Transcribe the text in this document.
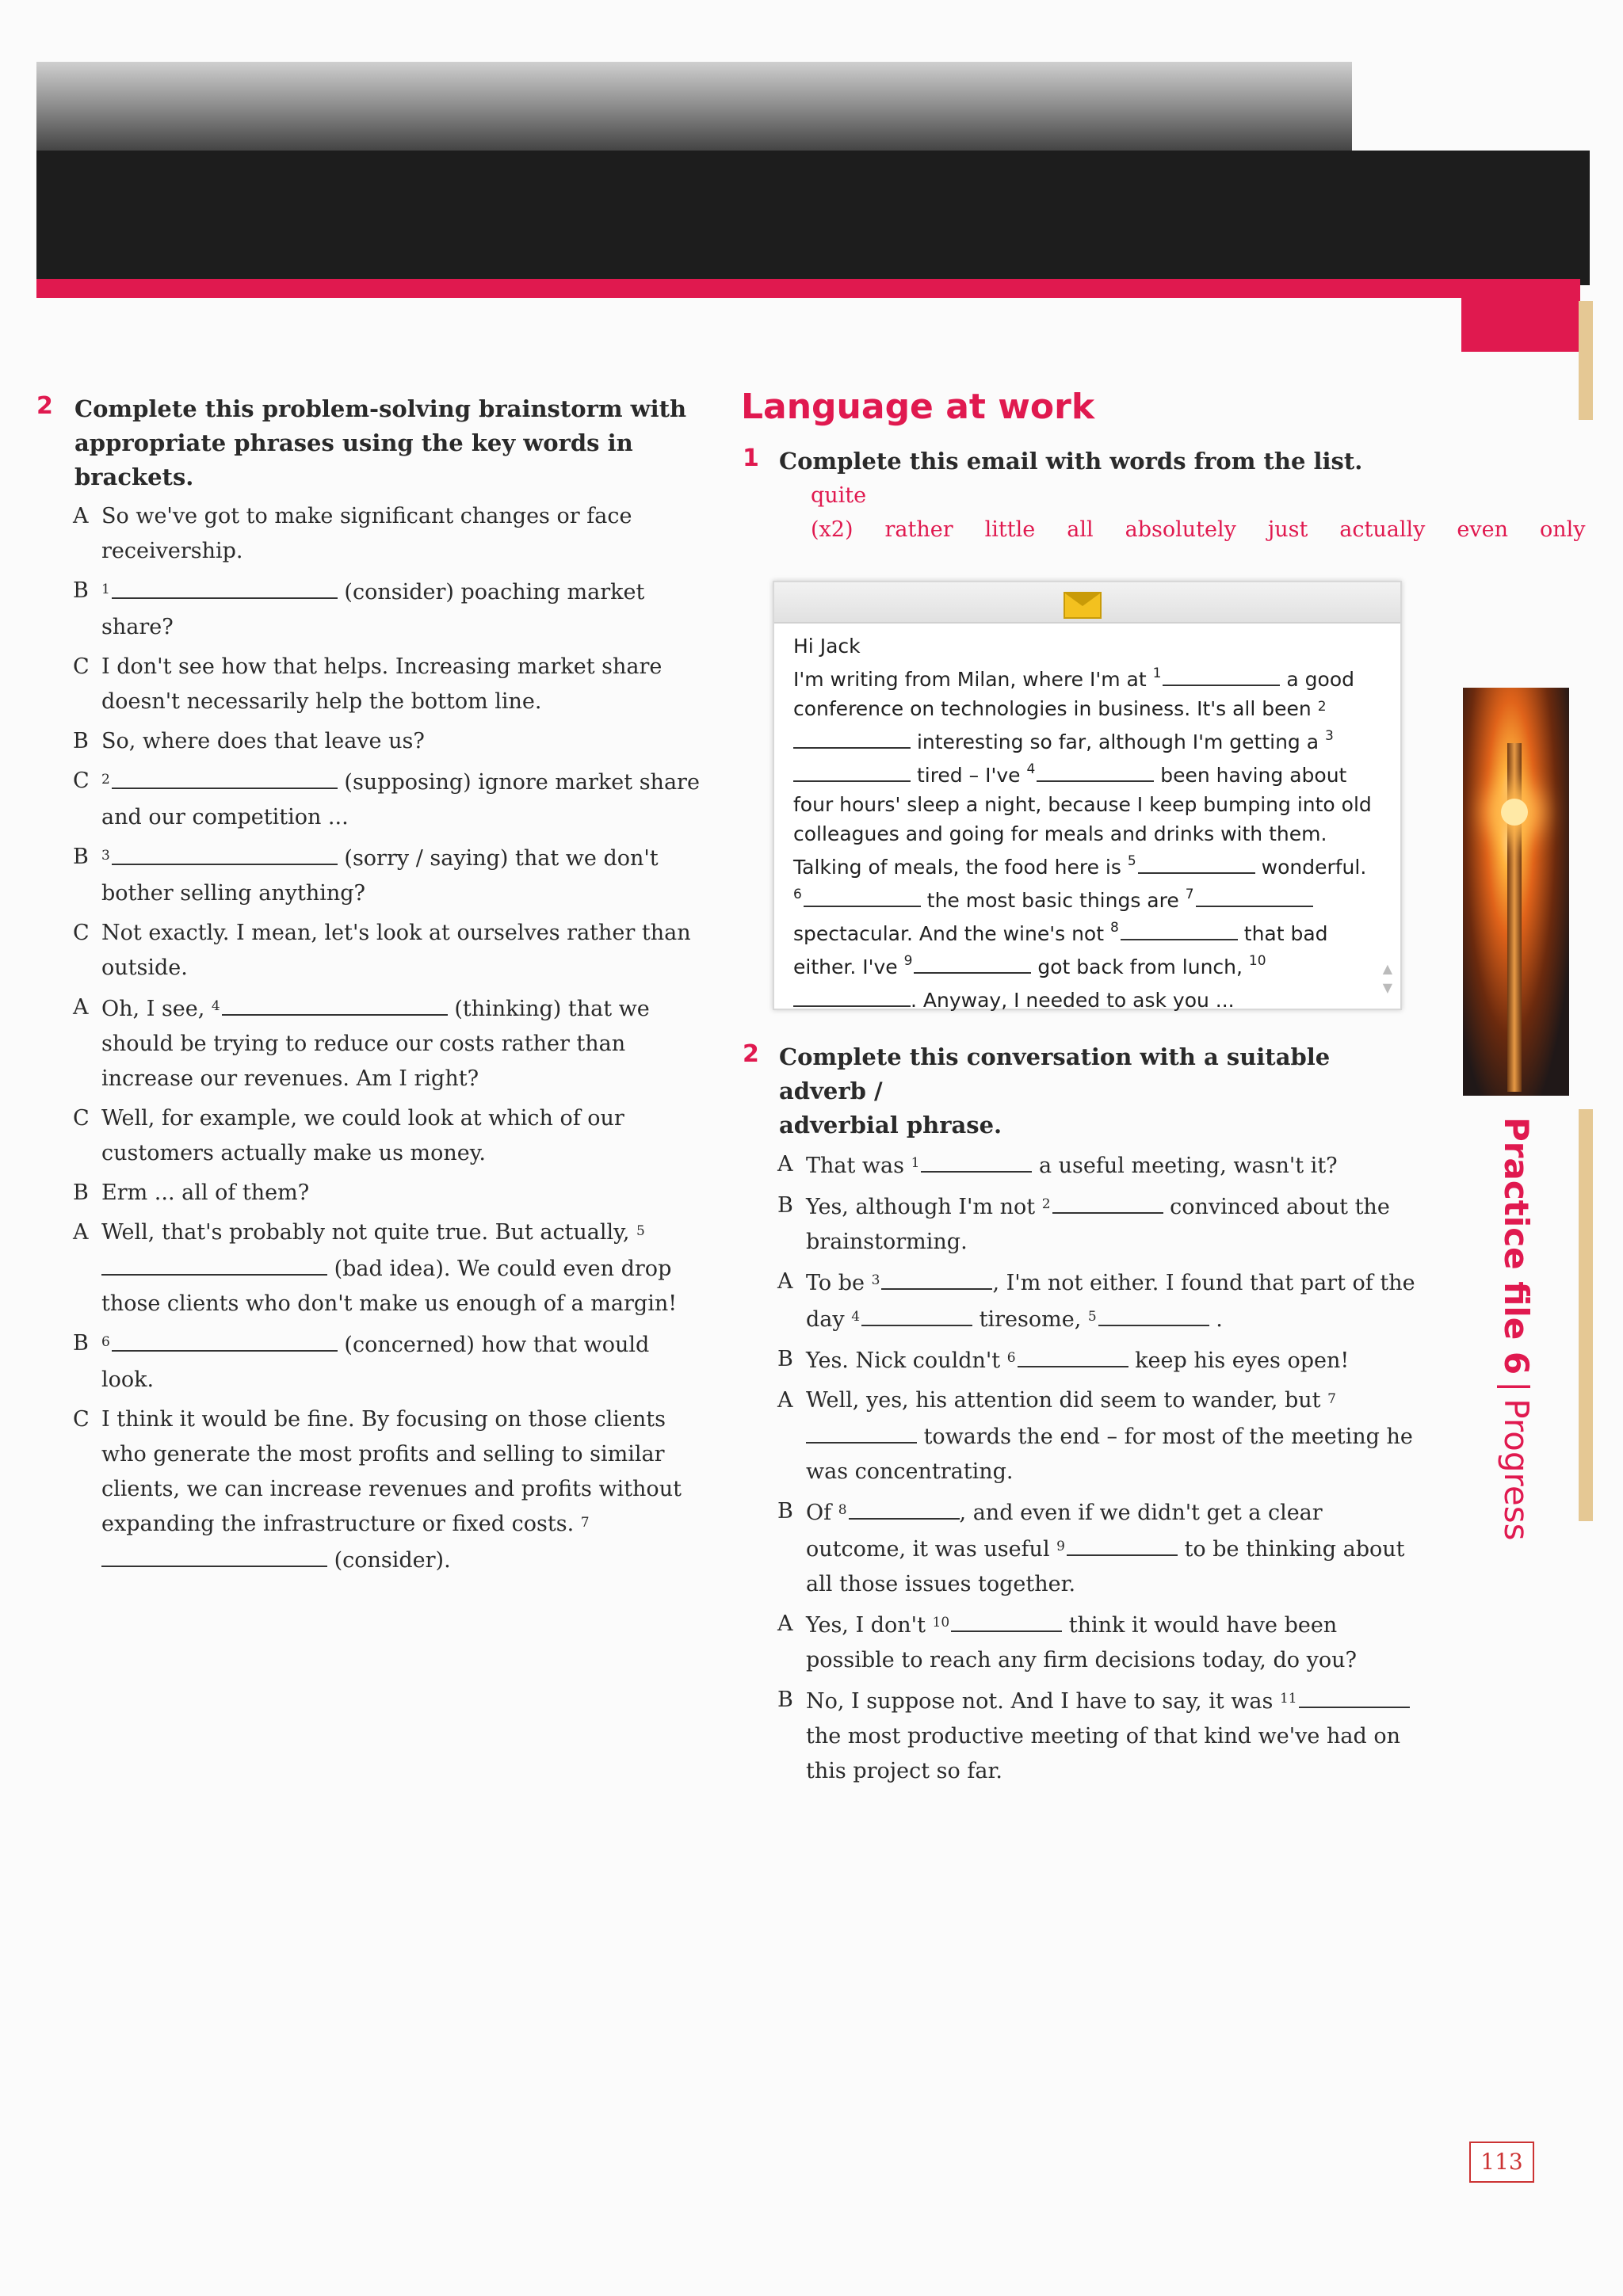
2 Complete this problem-solving brainstorm with
appropriate phrases using the key words in brackets.
A So we've got to make significant changes or face receivership.
B $^1$	(consider) poaching market share?
C I don't see how that helps. Increasing market share doesn't necessarily help the bottom line.
B So, where does that leave us?
C $^2$	(supposing) ignore market share and our competition ...
B $^3$	(sorry / saying) that we don't bother selling anything?
C Not exactly. I mean, let's look at ourselves rather than outside.
A Oh, I see, $^4$	(thinking) that we should be trying to reduce our costs rather than increase our revenues. Am I right?
C Well, for example, we could look at which of our customers actually make us money.
B Erm ... all of them?
A Well, that's probably not quite true. But actually, $^5$ (bad idea). We could even drop those clients who don't make us enough of a margin!
B $^6$	(concerned) how that would look.
C I think it would be fine. By focusing on those clients who generate the most profits and selling to similar clients, we can increase revenues and profits without expanding the infrastructure or fixed costs. $^7$ (consider).
Language at work
1 Complete this email with words from the list.
quite (x2) rather little all absolutely just actually even only
Hi Jack
I'm writing from Milan, where I'm at $^1$	a good conference on technologies in business. It's all been $^2$ interesting so far, although I'm getting a $^3$ tired – I've $^4$	been having about four hours' sleep a night, because I keep bumping into old colleagues and going for meals and drinks with them. Talking of meals, the food here is $^5$	wonderful. $^6$	the most basic things are $^7$ spectacular. And the wine's not $^8$	that bad either. I've $^9$	got back from lunch, $^{10}$. Anyway, I needed to ask you ...
▲
▼
2 Complete this conversation with a suitable adverb /
adverbial phrase.
A That was $^1$	a useful meeting, wasn't it?
B Yes, although I'm not $^2$	convinced about the brainstorming.
A To be $^3$	, I'm not either. I found that part of the day $^4$	tiresome, $^5$	.
B Yes. Nick couldn't $^6$	keep his eyes open!
A Well, yes, his attention did seem to wander, but $^7$ towards the end – for most of the meeting he was concentrating.
B Of $^8$	, and even if we didn't get a clear outcome, it was useful $^9$	to be thinking about all those issues together.
A Yes, I don't $^{10}$	think it would have been possible to reach any firm decisions today, do you?
B No, I suppose not. And I have to say, it was $^{11}$ the most productive meeting of that kind we've had on this project so far.
Practice file 6|Progress
113
